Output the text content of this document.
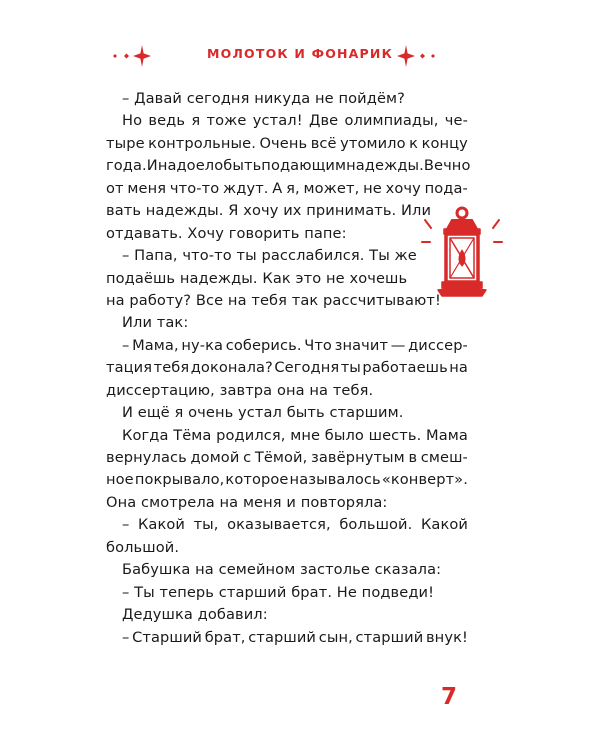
МОЛОТОК И ФОНАРИК
– Давай сегодня никуда не пойдём?
Но ведь я тоже устал! Две олимпиады, че-
тыре контрольные. Очень всё утомило к концу
года. И надоело быть подающим надежды. Вечно
от меня что-то ждут. А я, может, не хочу пода-
вать надежды. Я хочу их принимать. Или
отдавать. Хочу говорить папе:
– Папа, что-то ты расслабился. Ты же
подаёшь надежды. Как это не хочешь
на работу? Все на тебя так рассчитывают!
Или так:
– Мама, ну-ка соберись. Что значит — диссер-
тация тебя доконала? Сегодня ты работаешь на
диссертацию, завтра она на тебя.
И ещё я очень устал быть старшим.
Когда Тёма родился, мне было шесть. Мама
вернулась домой с Тёмой, завёрнутым в смеш-
ное покрывало, которое называлось «конверт».
Она смотрела на меня и повторяла:
– Какой ты, оказывается, большой. Какой
большой.
Бабушка на семейном застолье сказала:
– Ты теперь старший брат. Не подведи!
Дедушка добавил:
– Старший брат, старший сын, старший внук!
7
